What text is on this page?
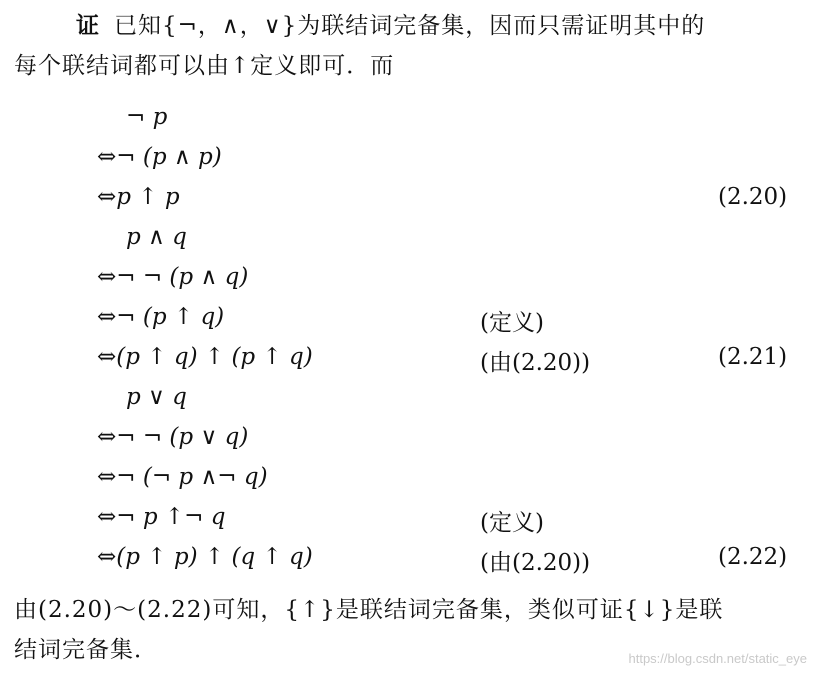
证 已知{¬，∧，∨}为联结词完备集，因而只需证明其中的
每个联结词都可以由↑定义即可．而
¬ p
⇔¬ (p ∧ p)
⇔p ↑ p	(2.20)
p ∧ q
⇔¬ ¬ (p ∧ q)
⇔¬ (p ↑ q)	(定义)
⇔(p ↑ q) ↑ (p ↑ q)	(由(2.20))	(2.21)
p ∨ q
⇔¬ ¬ (p ∨ q)
⇔¬ (¬ p ∧¬ q)
⇔¬ p ↑¬ q	(定义)
⇔(p ↑ p) ↑ (q ↑ q)	(由(2.20))	(2.22)
由(2.20)～(2.22)可知，{↑}是联结词完备集，类似可证{↓}是联
结词完备集．	https://blog.csdn.net/static_eye
